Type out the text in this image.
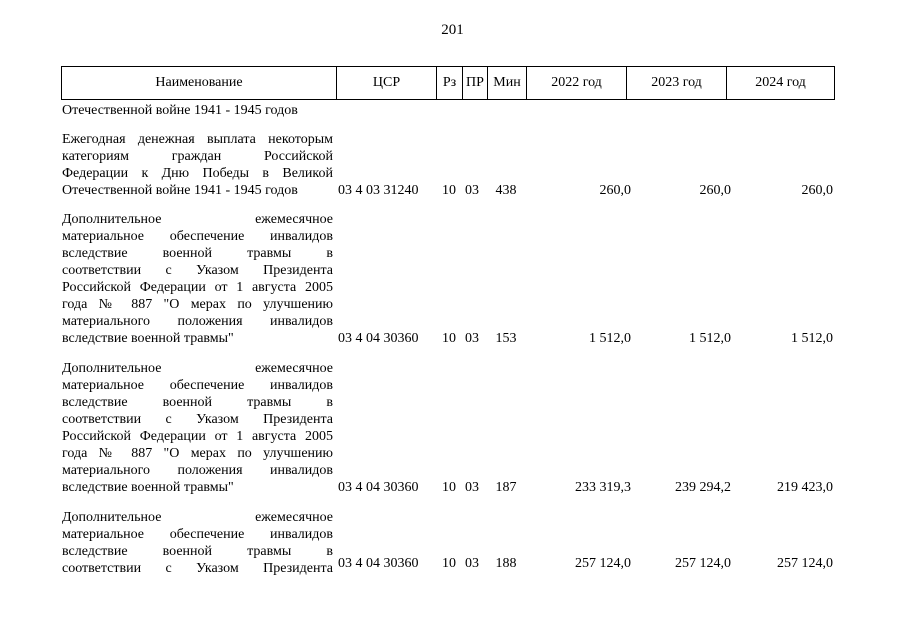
201
Наименование	ЦСР	Рз ПР Мин	2022 год	2023 год	2024 год
Отечественной войне 1941 - 1945 годов
Ежегодная денежная выплата некоторым
категориям граждан Российской
Федерации к Дню Победы в Великой
Отечественной войне 1941 - 1945 годов	03 4 03 31240	10 03	438	260,0	260,0	260,0
Дополнительное ежемесячное
материальное обеспечение инвалидов
вследствие военной травмы в
соответствии с Указом Президента
Российской Федерации от 1 августа 2005
года № 887 "О мерах по улучшению
материального положения инвалидов
вследствие военной травмы"	03 4 04 30360	10 03	153	1 512,0	1 512,0	1 512,0
Дополнительное ежемесячное
материальное обеспечение инвалидов
вследствие военной травмы в
соответствии с Указом Президента
Российской Федерации от 1 августа 2005
года № 887 "О мерах по улучшению
материального положения инвалидов
вследствие военной травмы"	03 4 04 30360	10 03	187	233 319,3	239 294,2	219 423,0
Дополнительное ежемесячное
материальное обеспечение инвалидов
вследствие военной травмы в
соответствии с Указом Президента 03 4 04 30360	10 03	188	257 124,0	257 124,0	257 124,0
